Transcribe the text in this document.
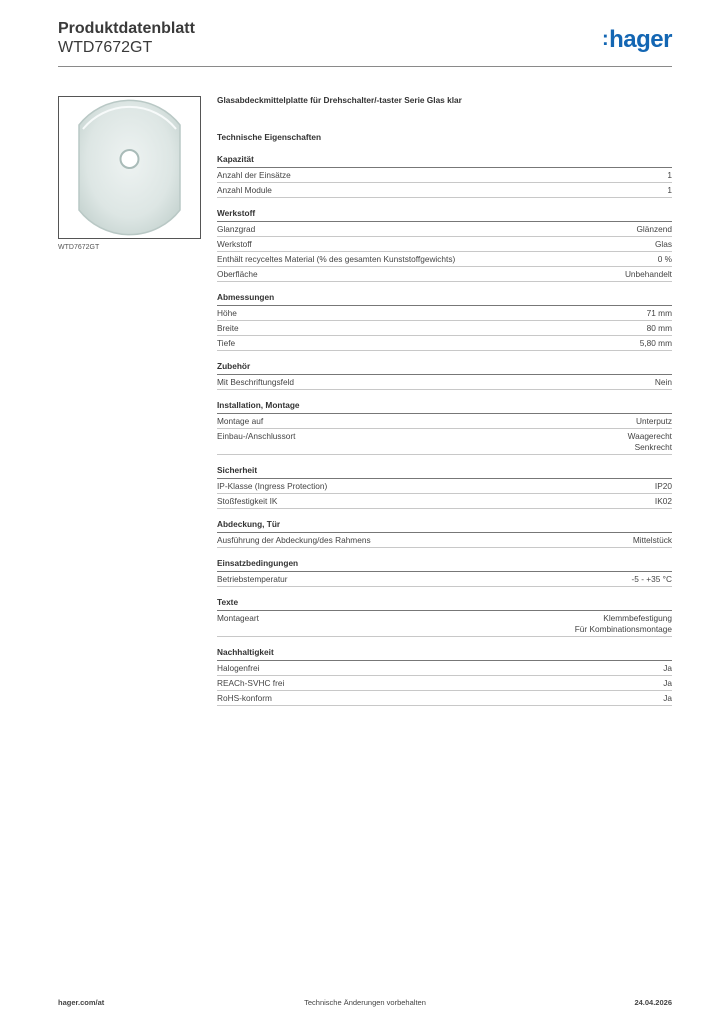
Produktdatenblatt
WTD7672GT	:hager
WTD7672GT
Glasabdeckmittelplatte für Drehschalter/-taster Serie Glas klar
Technische Eigenschaften
Kapazität
Anzahl der Einsätze	1
Anzahl Module	1
Werkstoff
Glanzgrad	Glänzend
Werkstoff	Glas
Enthält recyceltes Material (% des gesamten Kunststoffgewichts)	0 %
Oberfläche	Unbehandelt
Abmessungen
Höhe	71 mm
Breite	80 mm
Tiefe	5,80 mm
Zubehör
Mit Beschriftungsfeld	Nein
Installation, Montage
Montage auf	Unterputz
Einbau-/Anschlussort	Waagerecht
Senkrecht
Sicherheit
IP-Klasse (Ingress Protection)	IP20
Stoßfestigkeit IK	IK02
Abdeckung, Tür
Ausführung der Abdeckung/des Rahmens	Mittelstück
Einsatzbedingungen
Betriebstemperatur	-5 - +35 °C
Texte
Montageart	Klemmbefestigung
Für Kombinationsmontage
Nachhaltigkeit
Halogenfrei	Ja
REACh-SVHC frei	Ja
RoHS-konform	Ja
hager.com/at	Technische Änderungen vorbehalten	24.04.2026
